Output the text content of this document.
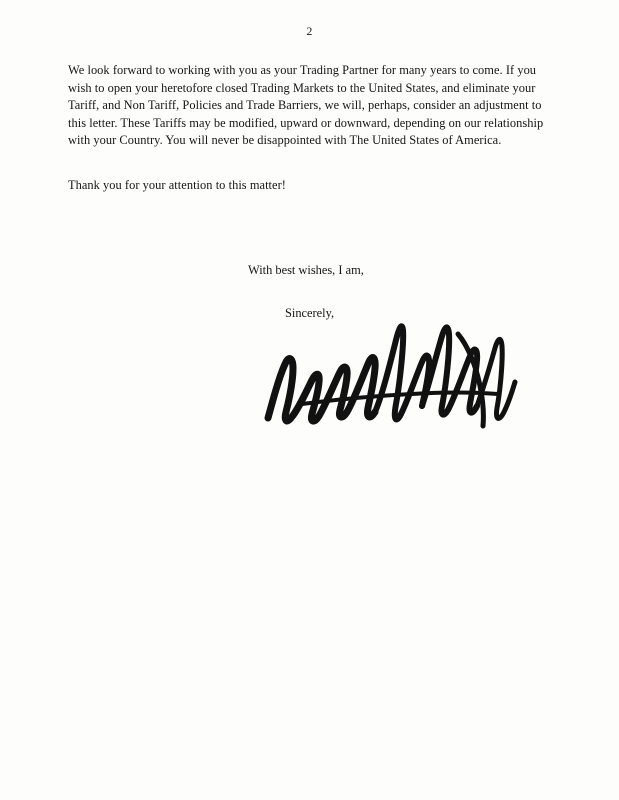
2

We look forward to working with you as your Trading Partner for many years to come. If you wish to open your heretofore closed Trading Markets to the United States, and eliminate your Tariff, and Non Tariff, Policies and Trade Barriers, we will, perhaps, consider an adjustment to this letter. These Tariffs may be modified, upward or downward, depending on our relationship with your Country. You will never be disappointed with The United States of America.

Thank you for your attention to this matter!

With best wishes, I am,
Sincerely,
